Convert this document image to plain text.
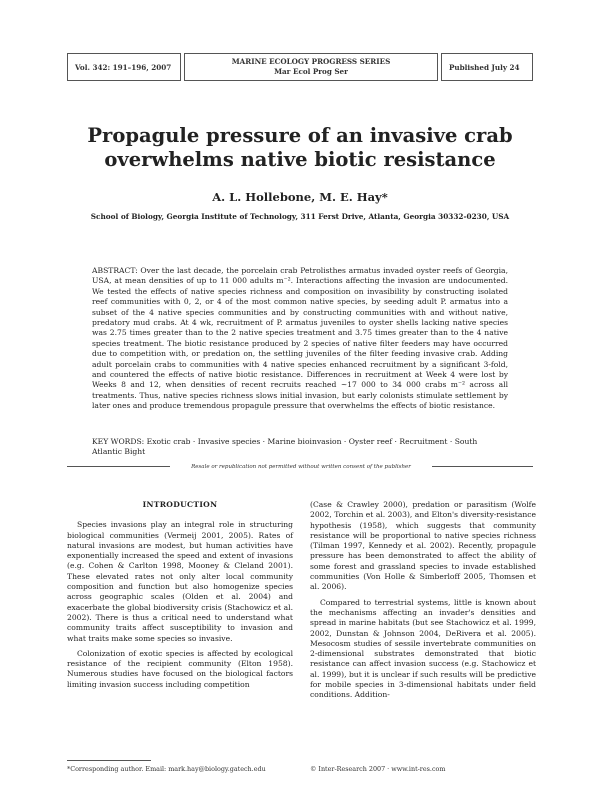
Vol. 342: 191–196, 2007
MARINE ECOLOGY PROGRESS SERIES
Mar Ecol Prog Ser	Published July 24
Propagule pressure of an invasive crab overwhelms native biotic resistance
A. L. Hollebone, M. E. Hay*
School of Biology, Georgia Institute of Technology, 311 Ferst Drive, Atlanta, Georgia 30332-0230, USA
ABSTRACT: Over the last decade, the porcelain crab Petrolisthes armatus invaded oyster reefs of Georgia, USA, at mean densities of up to 11 000 adults m⁻². Interactions affecting the invasion are undocumented. We tested the effects of native species richness and composition on invasibility by constructing isolated reef communities with 0, 2, or 4 of the most common native species, by seeding adult P. armatus into a subset of the 4 native species communities and by constructing communities with and without native, predatory mud crabs. At 4 wk, recruitment of P. armatus juveniles to oyster shells lacking native species was 2.75 times greater than to the 2 native species treatment and 3.75 times greater than to the 4 native species treatment. The biotic resistance produced by 2 species of native filter feeders may have occurred due to competition with, or predation on, the settling juveniles of the filter feeding invasive crab. Adding adult porcelain crabs to communities with 4 native species enhanced recruitment by a significant 3-fold, and countered the effects of native biotic resistance. Differences in recruitment at Week 4 were lost by Weeks 8 and 12, when densities of recent recruits reached ~17 000 to 34 000 crabs m⁻² across all treatments. Thus, native species richness slows initial invasion, but early colonists stimulate settlement by later ones and produce tremendous propagule pressure that overwhelms the effects of biotic resistance.
KEY WORDS: Exotic crab · Invasive species · Marine bioinvasion · Oyster reef · Recruitment · South Atlantic Bight
Resale or republication not permitted without written consent of the publisher
INTRODUCTION

Species invasions play an integral role in structuring biological communities (Vermeij 2001, 2005). Rates of natural invasions are modest, but human activities have exponentially increased the speed and extent of invasions (e.g. Cohen & Carlton 1998, Mooney & Cleland 2001). These elevated rates not only alter local community composition and function but also homogenize species across geographic scales (Olden et al. 2004) and exacerbate the global biodiversity crisis (Stachowicz et al. 2002). There is thus a critical need to understand what community traits affect susceptibility to invasion and what traits make some species so invasive.

Colonization of exotic species is affected by ecological resistance of the recipient community (Elton 1958). Numerous studies have focused on the biological factors limiting invasion success including competition

(Case & Crawley 2000), predation or parasitism (Wolfe 2002, Torchin et al. 2003), and Elton's diversity-resistance hypothesis (1958), which suggests that community resistance will be proportional to native species richness (Tilman 1997, Kennedy et al. 2002). Recently, propagule pressure has been demonstrated to affect the ability of some forest and grassland species to invade established communities (Von Holle & Simberloff 2005, Thomsen et al. 2006).

Compared to terrestrial systems, little is known about the mechanisms affecting an invader's densities and spread in marine habitats (but see Stachowicz et al. 1999, 2002, Dunstan & Johnson 2004, DeRivera et al. 2005). Mesocosm studies of sessile invertebrate communities on 2-dimensional substrates demonstrated that biotic resistance can affect invasion success (e.g. Stachowicz et al. 1999), but it is unclear if such results will be predictive for mobile species in 3-dimensional habitats under field conditions. Addition-

*Corresponding author. Email: mark.hay@biology.gatech.edu	© Inter-Research 2007 · www.int-res.com
